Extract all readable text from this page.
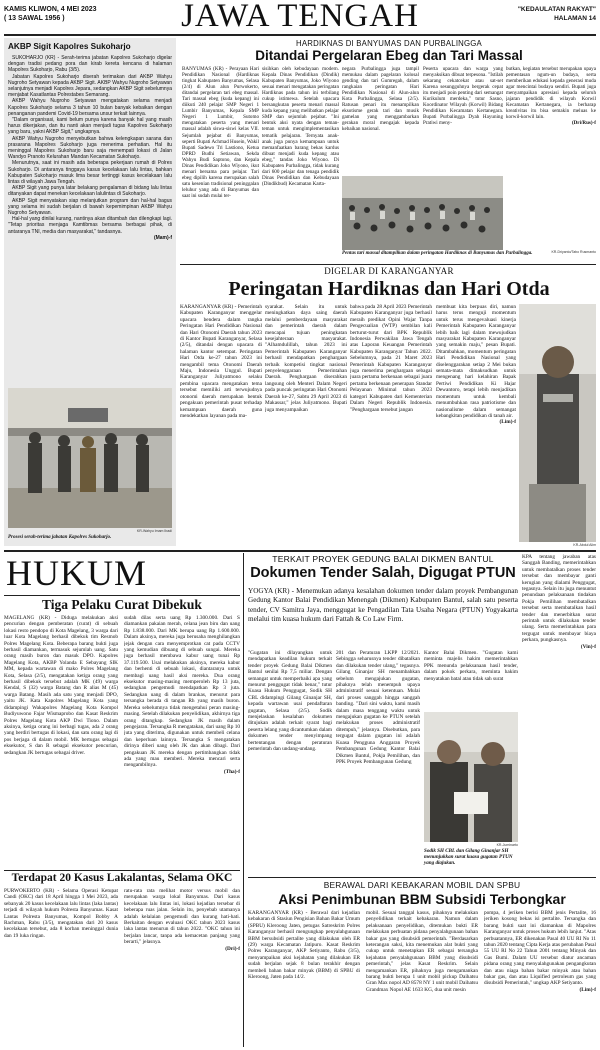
KAMIS KLIWON, 4 MEI 2023
( 13 SAWAL 1956 )	JAWA TENGAH	"KEDAULATAN RAKYAT"
HALAMAN 14
AKBP Sigit Kapolres Sukoharjo

SUKOHARJO (KR) - Serah-terima jabatan Kapolres Sukoharjo digelar dengan tradisi pedang pora dan kirab kereta kencana di halaman Mapolres Sukoharjo, Rabu (3/5).

Jabatan Kapolres Sukoharjo diserah terimakan dari AKBP Wahyu Nugroho Setyawan kepada AKBP Sigit. AKBP Wahyu Nugroho Setyawan selanjutnya menjadi Kapolres Jepara, sedangkan AKBP Sigit sebelumnya menjabat Kasatlantas Polrestabes Semarang.

AKBP Wahyu Nugroho Setyawan mengatakan selama menjadi Kapolres Sukoharjo selama 3 tahun 10 bulan banyak kebaikan dengan penanganan pandemi Covid-19 bersama unsur terkait lainnya.

"Dalam organisasi, kami belum punya karena banyak hal yang masih harus dikerjakan, dan itu nanti akan menjadi tugas Kapolres Sukoharjo yang baru, yakni AKBP Sigit," ungkapnya.

AKBP Wahyu Nugroho menyebutkan bahwa kelengkapan sarana dan prasarana Mapolres Sukoharjo juga menerima perhatian. Hal itu meninggal Mapolres Sukoharjo baru saja menempati lokasi di Jalan Wandyo Pranoto Kelurahan Mandan Kecamatan Sukoharjo.

Menurutnya, saat ini masih ada beberapa pekerjaan rumah di Polres Sukoharjo. Di antaranya tinggaya kasus kecelakaan lalu lintas, bahkan Kabupaten Sukoharjo masuk lima besar tertinggi kasus kecelakaan lalu lintas di wilayah Jawa Tengah.

AKBP Sigit yang punya latar belakang pengalaman di bidang lalu lintas ditanyakan dapat menekan kecelakaan lalulintas di Sukoharjo.

AKBP Sigit menyatakan siap melanjutkan program dan hal-hal bagus yang selama ini sudah berjalan di bawah kepemimpinan AKBP Wahyu Nugroho Setyawan.

Hal-hal yang dinilai kurang, nantinya akan ditambah dan dilengkapi lagi. "Tetap prioritas menjaga Kamtibmas bersama berbagai pihak, di antaranya TNI, media dan masyarakat," tandasnya.

(Mam)-f
KR-Wahyu Imam Ibadi
Prosesi serah-terima jabatan Kapolres Sukoharjo.
HARDIKNAS DI BANYUMAS DAN PURBALINGGA
Ditandai Pergelaran Ebeg dan Tari Massal
BANYUMAS (KR) - Perayaan Hari Pendidikan Nasional (Hardiknas tingkat Kabupaten Banyumas, Selasa (2/4) di Alun alun Purwokerto, ditandai pergelaran tari ebeg massal. Tari massal ebeg (kuda kepang) ini diikuti 240 pelajar SMP Negeri 1 Lumbir Banyumas, Kepala SMP Negeri 1 Lumbir, Sutomo mengatakan peserta yang menari massal adalah siswa-siswi kelas VII. Sejumlah pejabat di Banyumas, seperti Bupati Achmad Husein, Wakil Bupati Sadewo Tri Lastiono, Ketua DPRD Budhi Setiawan, Sekda Wahyu Budi Saptono, dan Kepala Dinas Pendidikan Joko Wiyono, ikut menari bersama para pelajar. Tari ebeg dipilih karena merupakan salah satu kesenian tradisional peninggalan leluhur yang ada di Banyumas dan saat ini sudah mulai ter-
sisihkan oleh kebudayaan modern. Kepala Dinas Pendidikan (Dindik) Kabupaten Banyumas, Joko Wiyono sesuai menari mengatakan peringatan Hardiknas pada tahun ini terbilang cukup istimewa. Setelah upacara bersangkutan peserta menari massal kuda kepang yang melibatkan pelajar SMP dan sejumlah pejabat. "Ini bentuk aksi nyata dengan teman-teman untuk mengimplementasikan tematik pelajaran. Ternyata anak-anak juga punya kemampuan untuk memanfaatkan barang bekas kardus dibuat menjadi kuda kepang atau ebeg," tandas Joko Wiyono. Di Kabupaten Purbalingga, tidak kurang dari 600 pelajar dan tenaga pendidik Dinas Pendidikan dan Kebudayaan (Dindikbud) Kecamatan Karta-
negara Purbalingga juga tampil memukau dalam pagelaran kolosal gending dan tari Gumregah, dalam rangkaian peringatan Hari Pendidikan Nasional di Alun-alun Kota Purbalingga, Selasa (2/5). Ratusan penari itu menampilkan eksotisme gerak tari dan musik gamelan yang menggambarkan gerakan moral mengajak kepada kebaikan nasional.
Peserta upacara dan warga yang menyaksikan dibuat terpesona. "Istilah sekarang cekatcekat atau sat-set Karena sesungguhnya bergerak cepat itu menjadi poin penting dari semangat Kurikulum merdeka," tutur Sasno, Koordinator Wilayah (Korwil) Bidang Pendidikan Kecamatan Kertanegara. Bupati Purbalingga Dyah Hayuning Pratiwi meny-
butkan, kegiatan tersebut merupakan upaya pementasan ngum-un budaya, serta memberikan edukasi kepada generasi muda agar mencintai budaya sendiri. Bupati juga menyampaikan apresiasi kepada seluruh jajaran pendidik di wilayah Korwil Kecamatan Kertanegara, ia berharap kreativitas itu bisa semakin meluas ke korwil-korwil lain.
(Dri/Rus)-f
KR-Driyanto/Tabo Rusmanto
Pentas tari massal ditampilkan dalam peringatan Hardiknas di Banyumas dan Purbalingga.
DIGELAR DI KARANGANYAR
Peringatan Hardiknas dan Hari Otda
KARANGANYAR (KR) - Pemerintah Kabupaten Karanganyar menggelar upacara bendera dalam rangka Peringatan Hari Pendidikan Nasional dan Hari Otonomi Daerah tahun 2023 di Kantor Bupati Karanganyar, Selasa (2/5), ditandai dengan upacara di halaman kantor setempat. Peringatan Hari Otda ke-27 tahun 2023 ini mengambil tema Otonomi Daerah Maju, Indonesia Unggul. Bupati Karanganyar Juliyatmono selaku pembina upacara mengatakan tema tersebut memiliki arti terwujudnya otonomi daerah merupakan bentuk pengakuan pemerintah pusat terhadap kemampuan daerah guna mendekatkan layanan pada ma-
syarakat. Selain itu untuk meningkatkan daya saing daerah melalui pemberdayaan masyarakat dan pemerintah daerah dalam mencapai tujuan peningkatan kesejahteraan masyarakat. "Alhamdulillah, tahun 2023 ini Pemerintah Kabupaten Karanganyar berhasil mendapatkan penghargaan terbaik kompetisi tingkat nasional penyelenggaraan Pemerintahan Daerah. Penghargaan diserahkan langsung oleh Menteri Dalam Negeri pada puncak peringatan Hari Otonomi Daerah ke-27, Sabtu 29 April 2023 di Makassar," jelas Juliyatmono. Bupati juga menyampaikan
bahwa pada 28 April 2023 Pemerintah Kabupaten Karanganyar juga berhasil meraih predikat Opini Wajar Tanpa Pengecualian (WTP) sembilan kali berturut-turut dari BPK Republik Indonesia Perwakilan Jawa Tengah atas Laporan Keuangan Pemerintah Kabupaten Karanganyar Tahun 2022. Sebelumnya, pada 21 Maret 2023 Pemerintah Kabupaten Karanganyar juga menerima penghargaan sebagai juara pertama berkenaan sebagai juara pertama berkenaan penerapan Standar Pelayanan Minimal tahun 2023 kategori Kabupaten dari Kementerian Dalam Negeri Republik Indonesia. "Penghargaan tersebut jangan
membuat kita berpuas diri, namun harus terus menguji momentum untuk terus mengevaluasi kinerja Pemerintah Kabupaten Karanganyar lebih baik lagi dalam mewujudkan masyarakat Kabupaten Karanganyar yang semakin maju," pesan Bupati. Ditambahkan, momentum peringatan Hari Pendidikan Nasional yang diselenggarakan setiap 2 Mei bukan semata-mata dimaksudkan untuk mengenang hari kelahiran Bapak Pertiwi Pendidikan Ki Hajar Dewantoro, tetapi lebih menjadikan momentum untuk kembali menumbuhkan rasa patriotisme dan nasionalisme dalam semangat kebangkitan pendidikan di tanah air.
(Lim)-f
KR-Abdul Alim
HUKUM
Tiga Pelaku Curat Dibekuk
MAGELANG (KR) - Diduga melakukan aksi pencurian dengan pemberatan (curat) di sebuah lokasi resto pendopo di Kota Magelang, 3 warga dari luar Kota Magelang berhasil dibekuk tim Resmob Polres Magelang Kota. Beberapa barang bukti juga berhasil diamankan, termasuk sejumlah uang. Satu orang masih buron dan masuk DPO. Kapolres Magelang Kota, AKBP Yolanda E Sebayang SIK MM, kepada wartawan di mako Polres Magelang Kota, Selasa (2/5), mengatakan ketiga orang yang berhasil dibekuk tersebut adalah MK (49) warga Kendal, S (32) warga Batang dan R alias M (45) warga Batang. Masih ada satu yang menjadi DPO, yaitu JK. Kata Kapolres Magelang Kota yang didampingi Wakapolres Magelang Kota Kompol Budiyuwono Fajar Wismaprobo dan Kasat Reskrim Polres Magelang Kota AKP Dwi Tiono. Dalam aksinya, ketiga orang ini berbagi tugas, ada 2 orang yang berdiri bertugas di lokasi, dan satu orang lagi di pos berjaga di dalam mobil. MK bertugas sebagai eksekutor, S dan R sebagai eksekutor pencurian, sedangkan JK bertugas sebagai driver.
sudah dilas serta uang Rp 1.300.000. Dari S diamankan pakaian merah, celana jean biru dan uang Rp 1.838.000. Dari MK berupa uang Rp 1.600.000. Dalam aksinya, mereka juga berusaha menghilangkan jejak dengan cara menyemprotkan cat pada CCTV yang kemudian dibuang di sebuah sungai. Mereka juga berhasil membawa kabur uang tunai Rp 37.119.500. Usai melakukan aksinya, mereka kabur dan berhenti di sebuah lokasi, diantaranya untuk membagi uang hasil aksi mereka. Dua orang eksekutor masing-masing memperoleh Rp 13 juta, sedangkan pengemudi mendapatkan Rp 3 juta. Sedangkan uang di dalam brankas, menurut para tersangka berada di tangan Rh yang masih buron. Mereka sebelumnya tidak mengetahui peran masing-masing. Setelah dilakukan penyelidikan, akhirnya tiga orang ditangkap. Sedangkan JK masih dalam pengejaran. Tersangka R mengatakan, dari uang Rp 10 juta yang diterima, digunakan untuk membeli celana dan keperluan lainnya. Tersangka S mengatakan dirinya diberi uang oleh JK dan akan dibagi. Dari pengakuan JK mereka dengan pertimbangkan tidak ada yang mau memberi. Mereka mencari serta mengambilnya.
(Tha)-f
Terdapat 20 Kasus Lakalantas, Selama OKC
PURWOKERTO (KR) - Selama Operasi Ketupat Candi (OKC) dari 18 April hingga 1 Mei 2023, ada sebanyak 20 kasus kecelakaan lalu lintas (laka lantas) terjadi di wilayah hukum Polresta Banyumas. Kasat Lantas Polresta Banyumas, Kompol Bobby A Rachman, Rabu (3/5), mengatakan dari 20 kasus kecelakaan tersebut, ada 8 korban meninggal dunia dan 19 luka ringan.
ratu-rata rata melihat motor versus mobil dan merupakan warga lokal Banyumas. Dari kasus kecelakaan lalu lintas ini, lokasi kejadian tersebar di beberapa ruas jalan. Selain itu, penyebab utamanya adalah kelalaian pengemudi dan kurang hati-hati. Berkaitan dengan evaluasi OKC tahun 2023 kasus laka lantas menurun di tahun 2022. "OKC tahun ini berjalan lancar, tanpa ada kemacetan panjang yang berarti," jelasnya.
(Dri)-f
TERKAIT PROYEK GEDUNG BALAI DIKMEN BANTUL
Dokumen Tender Salah, Digugat PTUN
YOGYA (KR) - Menemukan adanya kesalahan dokumen tender dalam proyek Pembangunan Gedung Kantor Balai Pendidikan Menengah (Dikmen) Kabupaten Bantul, salah satu peserta tender, CV Samitra Jaya, menggugat ke Pengadilan Tata Usaha Negara (PTUN) Yogyakarta melalui tim kuasa hukum dari Fattah & Co Law Firm.
"Gugatan ini dilayangkan untuk mendapatkan keadilan hukum terkait tender proyek Gedung Balai Dikmen Bantul senilai Rp 7,5 miliar. Dengan semangat untuk memperbaiki apa yang menurut penggugat tidak benar," tutur Kuasa Hukum Penggugat, Sodik SH CBL didampingi Gilang Ginanjar SH, kepada wartawan usai pendaftaran gugatan, Selasa (2/5). Sodik menjelaskan kesalahan dokumen ditujukan adalah terkait syarat bagi peserta lelang yang dicantumkan dalam dokumen tender menyimpang bertentangan dengan peraturan pemerintah dan undang-undang.
201 dan Peraturan LKPP 12/2021. Sebingga seharusnya tender dibatalkan dan dilakukan tender ulang," tegasnya. Gilang Ginanjar SH menambahkan sebelum mengajukan gugatan, pihaknya telah menempuh upaya administratif sesuai ketentuan. Mulai dari proses sanggah hingga sanggah banding. "Dari sini waktu, kami masih dalam masa tenggang waktu untuk mengajukan gugatan ke PTUN setelah melakukan proses administratif ditempuh," jelasnya. Disebutkan, para tergugat dalam gugatan ini adalah Kuasa Pengguna Anggaran Proyek Pembangunan Gedung Kantor Balai Dikmen Bantul, Pokja Pemilihan, dan PPK Proyek Pembangunan Gedung
Kantor Balai Dikmen. "Gugatan kami meminta majelis hakim memerintahkan PPK menunda pelaksanaan hasil tender, dalam pokok perkara, meminta hakim menyatakan batal atau tidak sah surat
KR-Juminarto
Sodik SH CBL dan Gilang Ginanjar SH menunjukkan surat kuasa gugatan PTUN yang diajukan.
KPA tentang jawaban atas Sanggah Banding, memerintahkan untuk membatalkan proses tender tersebut dan membayar ganti kerugian yang dialami Penggugat, tegasnya. Selain itu juga menuntut penundaan pelaksanaan tindakan Pokja Pemilihan membatalkan tersebut serta membatalkan hasil tender dan menerbitkan surat perintah untuk dilakukan tender ulang. Serta memerintahkan para tergugat untuk membayar biaya perkara, pungkasnya.
(Vin)-f
BERAWAL DARI KEBAKARAN MOBIL DAN SPBU
Aksi Penimbunan BBM Subsidi Terbongkar
KARANGANYAR (KR) - Berawal dari kejadian kebakaran di Stasiun Pengisian Bahan Bakar Umum (SPBU) Kleroong Jaten, petugas Satreskrim Polres Karanganyar berhasil mengungkap penyalahgunaan BBM bersubsidi pertalite yang dilakukan oleh ER (29) warga Kecamatan Jatipuro. Kasat Reskrim Polres Karanganyar, AKP Setiyanto, Rabu (3/5), menyampaikan aksi kejahatan yang dilakukan ER sudah berjalan sejak 8 bulan terakhir dengan membeli bahan bakar minyak (BBM) di SPBU di Kleroong, Jaten pada 14/2.
mobil. Sesuai tanggal kasus, pihaknya melakukan penyelidikan terkait kebakaran. Namun dalam pelaksanaan penyelidikan, ditemukan bukti ER melakukan perbuatan pidana penyalahgunaan bahan bakar gas yang disubsidi pemerintah. "Berdasarkan keterangan saksi, kita menemukan alat bukti yang cukup untuk menetapkan ER sebagai tersangka kejahatan penyalahgunaan BBM yang disubsidi pemerintah," jelas Kasat Reskrim. Selain mengamankan ER, pihaknya juga mengamankan barang bukti berupa 1 unit mobil pickup Daihatsu Gran Max nopol AD 8578 NY 1 unit mobil Daihatsu Grandmax Nopol AE 1633 KG, dua unit mesin
pompa, 4 jeriken berisi BBM jenis Pertalite, 16 jeriken kosong bekas isi pertalite. Tersangka dan barang bukti saat ini diamankan di Mapolres Karanganyar untuk proses hukum lebih lanjut. "Atas perbuatannya, ER dikenakan Pasal 40 UU RI No 11 tahun 2020 tentang Cipta Kerja atas perubahan Pasal 55 UU RI No 22 Tahun 2001 tentang Minyak dan Gas Bumi. Dalam UU tersebut diatur ancaman pidana orang yang menyalahgunakan pengangkutan dan atau niaga bahan bakar minyak atau bahan bakar gas, dan atau Liquified petroleum gas yang disubsidi Pemerintah," ungkap AKP Setiyanto.
(Lim)-f
